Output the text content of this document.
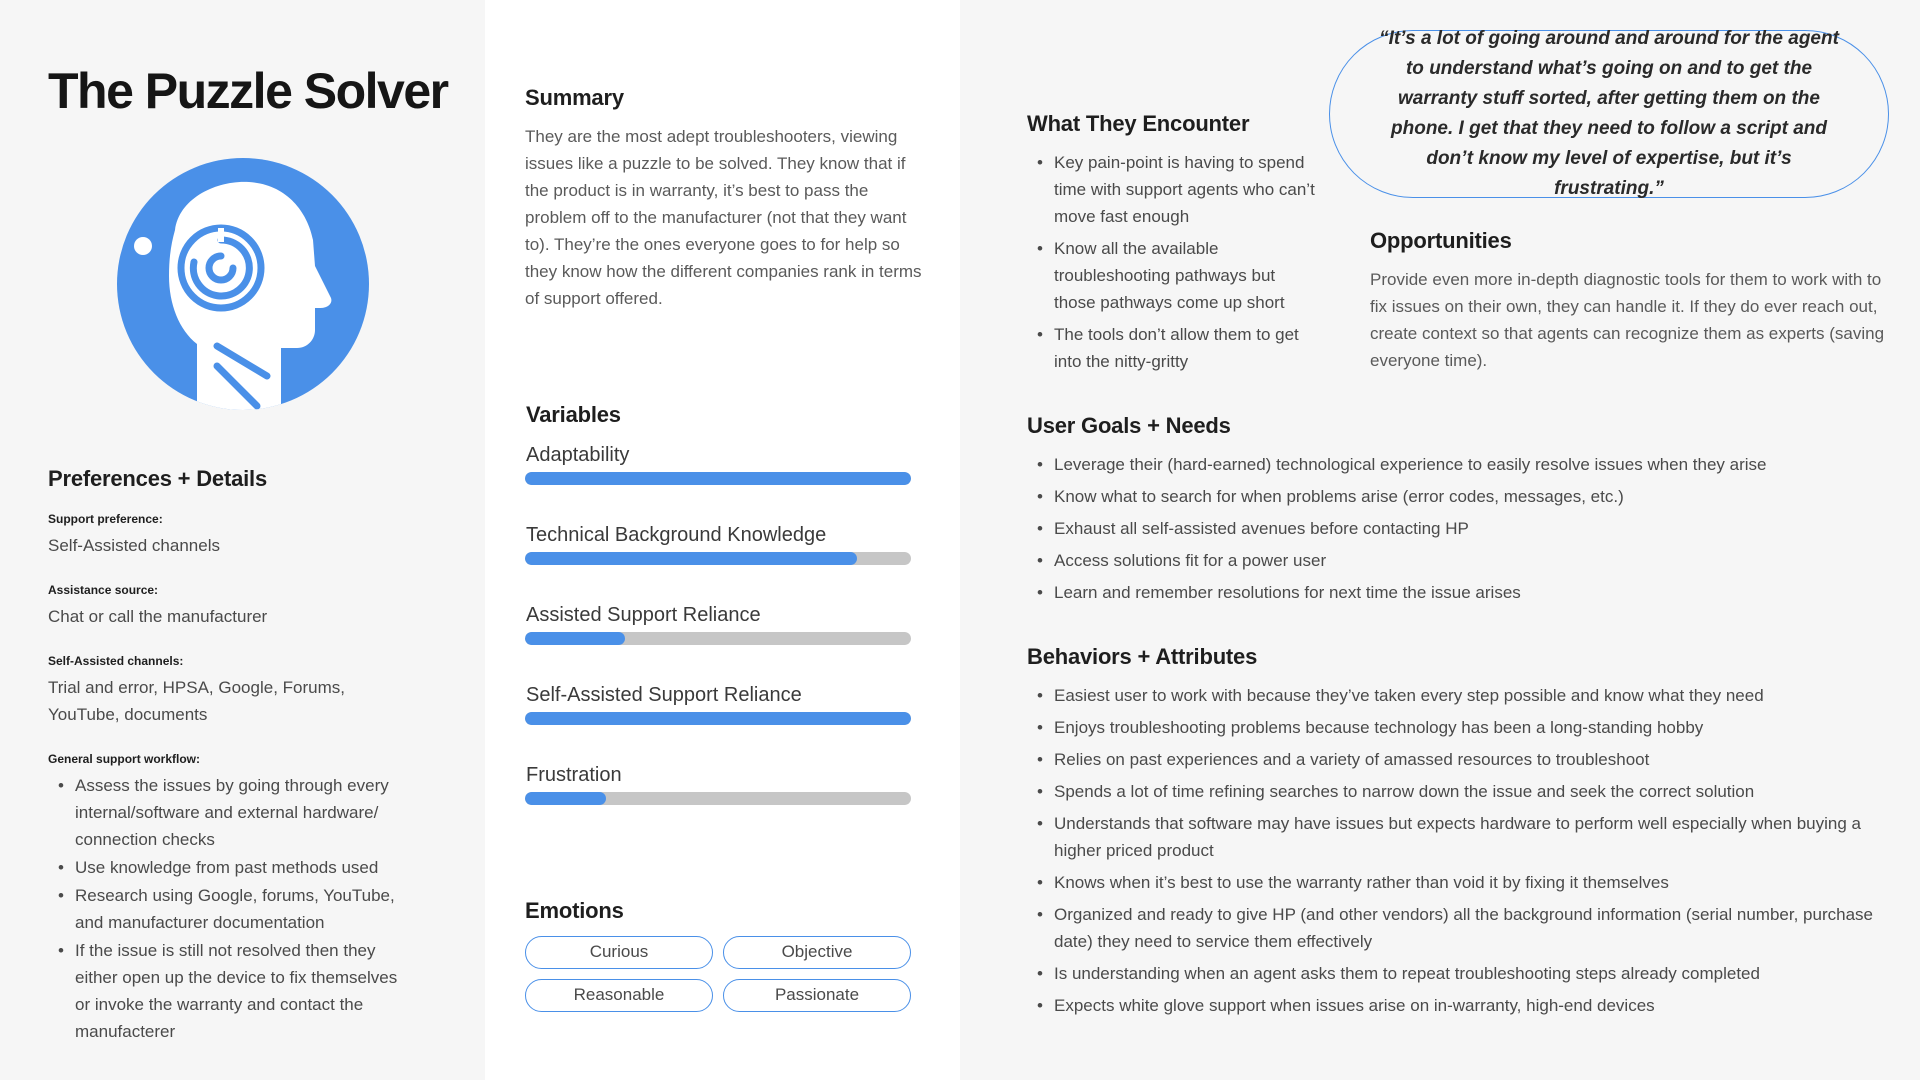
The Puzzle Solver
Preferences + Details
Support preference:
Self-Assisted channels
Assistance source:
Chat or call the manufacturer
Self-Assisted channels:
Trial and error, HPSA, Google, Forums, YouTube, documents
General support workflow:
• Assess the issues by going through every internal/software and external hardware/ connection checks
• Use knowledge from past methods used
• Research using Google, forums, YouTube, and manufacturer documentation
• If the issue is still not resolved then they either open up the device to fix themselves or invoke the warranty and contact the manufacterer
Summary

They are the most adept troubleshooters, viewing issues like a puzzle to be solved. They know that if the product is in warranty, it’s best to pass the problem off to the manufacturer (not that they want to). They’re the ones everyone goes to for help so they know how the different companies rank in terms of support offered.

Variables
Adaptability
Technical Background Knowledge
Assisted Support Reliance
Self-Assisted Support Reliance
Frustration
Emotions
Curious	Objective
Reasonable	Passionate
What They Encounter
• Key pain-point is having to spend time with support agents who can’t move fast enough
• Know all the available troubleshooting pathways but those pathways come up short
• The tools don’t allow them to get into the nitty-gritty

“It’s a lot of going around and around for the agent to understand what’s going on and to get the warranty stuff sorted, after getting them on the phone. I get that they need to follow a script and don’t know my level of expertise, but it’s frustrating.”

Opportunities

Provide even more in-depth diagnostic tools for them to work with to fix issues on their own, they can handle it. If they do ever reach out, create context so that agents can recognize them as experts (saving everyone time).

User Goals + Needs
• Leverage their (hard-earned) technological experience to easily resolve issues when they arise
• Know what to search for when problems arise (error codes, messages, etc.)
• Exhaust all self-assisted avenues before contacting HP
• Access solutions fit for a power user
• Learn and remember resolutions for next time the issue arises
Behaviors + Attributes
• Easiest user to work with because they’ve taken every step possible and know what they need
• Enjoys troubleshooting problems because technology has been a long-standing hobby
• Relies on past experiences and a variety of amassed resources to troubleshoot
• Spends a lot of time refining searches to narrow down the issue and seek the correct solution
• Understands that software may have issues but expects hardware to perform well especially when buying a higher priced product
• Knows when it’s best to use the warranty rather than void it by fixing it themselves
• Organized and ready to give HP (and other vendors) all the background information (serial number, purchase date) they need to service them effectively
• Is understanding when an agent asks them to repeat troubleshooting steps already completed
• Expects white glove support when issues arise on in-warranty, high-end devices
